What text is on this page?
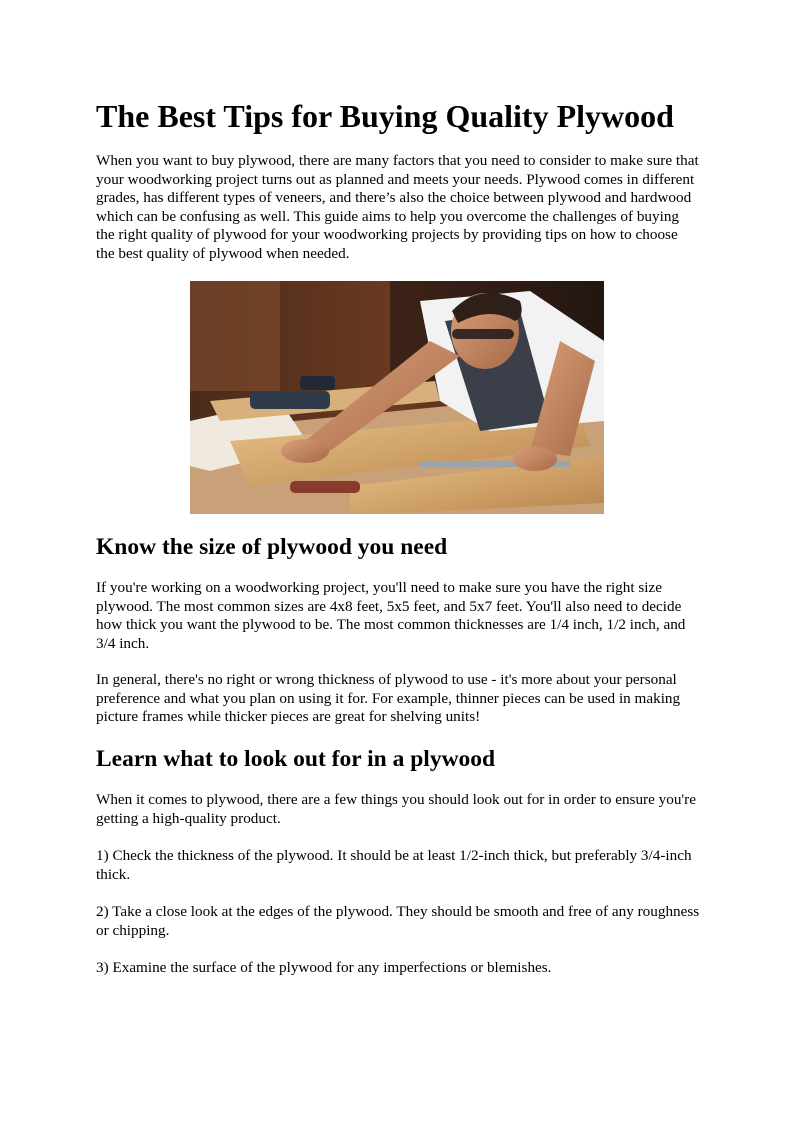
The Best Tips for Buying Quality Plywood

When you want to buy plywood, there are many factors that you need to consider to make sure that your woodworking project turns out as planned and meets your needs. Plywood comes in different grades, has different types of veneers, and there’s also the choice between plywood and hardwood which can be confusing as well. This guide aims to help you overcome the challenges of buying the right quality of plywood for your woodworking projects by providing tips on how to choose the best quality of plywood when needed.

Know the size of plywood you need

If you're working on a woodworking project, you'll need to make sure you have the right size plywood. The most common sizes are 4x8 feet, 5x5 feet, and 5x7 feet. You'll also need to decide how thick you want the plywood to be. The most common thicknesses are 1/4 inch, 1/2 inch, and 3/4 inch.

In general, there's no right or wrong thickness of plywood to use - it's more about your personal preference and what you plan on using it for. For example, thinner pieces can be used in making picture frames while thicker pieces are great for shelving units!

Learn what to look out for in a plywood

When it comes to plywood, there are a few things you should look out for in order to ensure you're getting a high-quality product.

1) Check the thickness of the plywood. It should be at least 1/2-inch thick, but preferably 3/4-inch thick.

2) Take a close look at the edges of the plywood. They should be smooth and free of any roughness or chipping.

3) Examine the surface of the plywood for any imperfections or blemishes.
